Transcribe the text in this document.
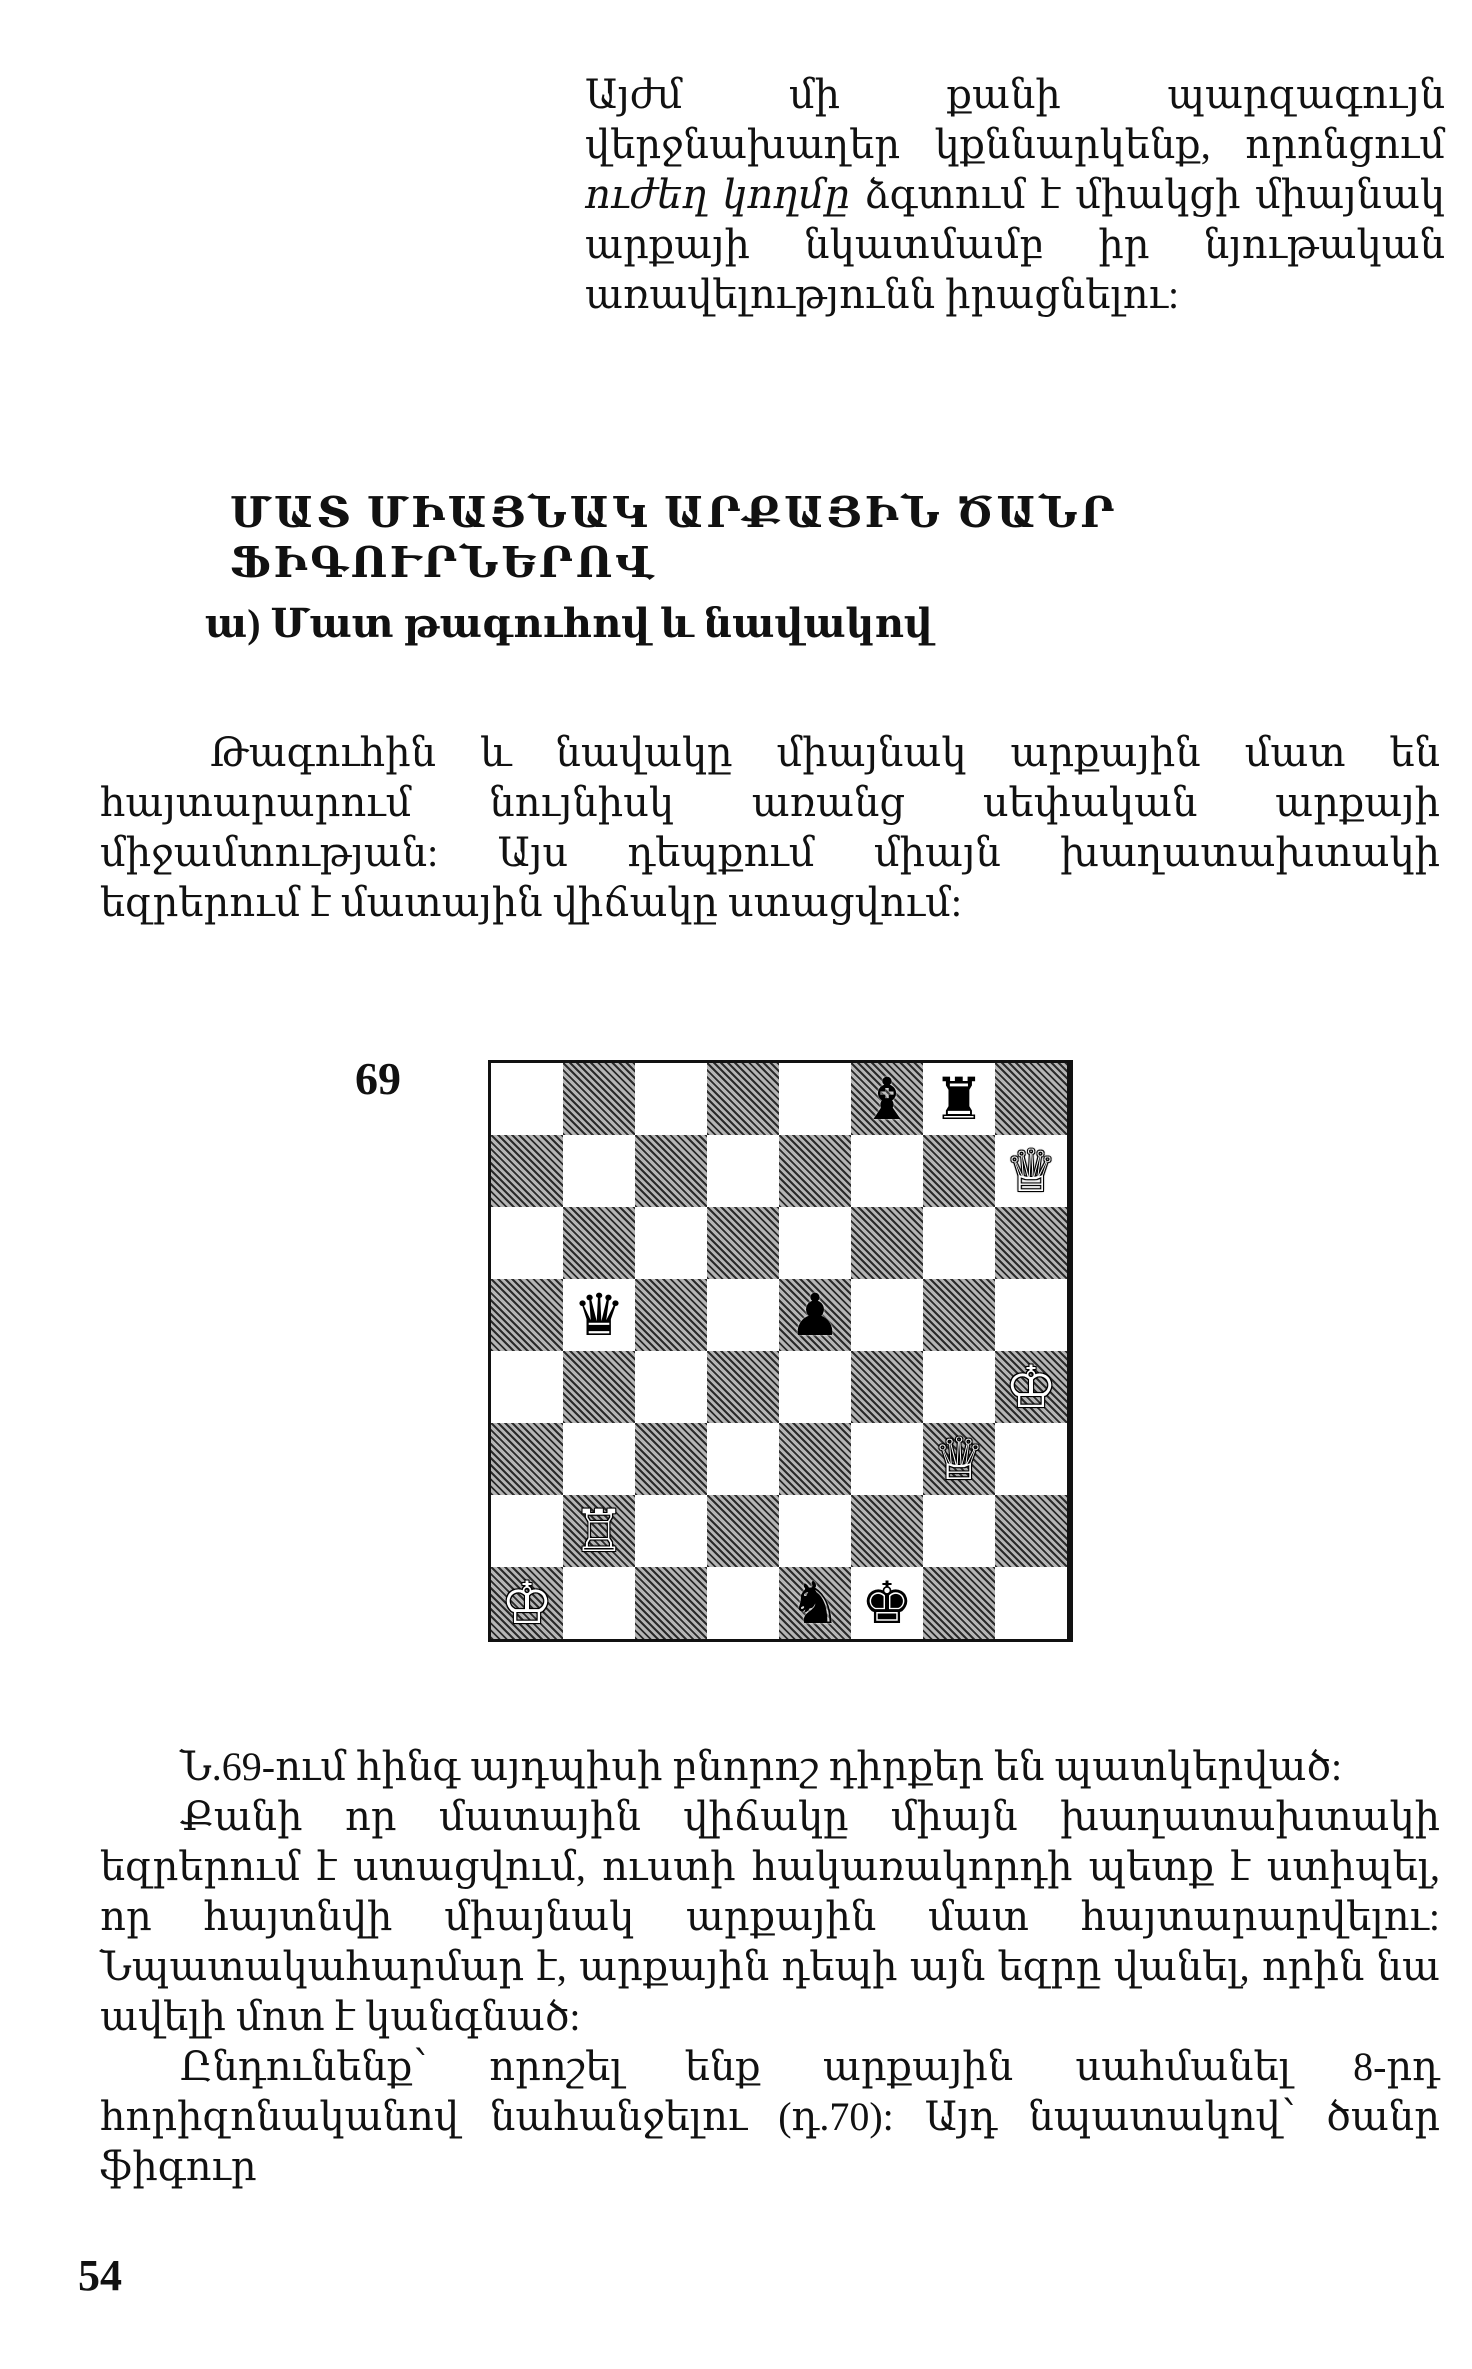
Այժմ մի քանի պարզագույն վերջնախաղեր կքննարկենք, որոնցում ուժեղ կողմը ձգտում է միակցի միայնակ արքայի նկատմամբ իր նյութական առավելությունն իրացնելու:
ՄԱՏ ՄԻԱՅՆԱԿ ԱՐՔԱՅԻՆ ԾԱՆՐ ՖԻԳՈՒՐՆԵՐՈՎ
ա) Մատ թագուհով և նավակով
Թագուհին և նավակը միայնակ արքային մատ են հայտարարում նույնիսկ առանց սեփական արքայի միջամտության: Այս դեպքում միայն խաղատախտակի եզրերում է մատային վիճակը ստացվում:
69	♝ ♜
♕
♛	♟
♔
♕
♖
♔	♞ ♚
Ն.69-ում հինգ այդպիսի բնորոշ դիրքեր են պատկերված:
Քանի որ մատային վիճակը միայն խաղատախտակի եզրերում է ստացվում, ուստի հակառակորդի պետք է ստիպել, որ հայտնվի միայնակ արքային մատ հայտարարվելու: Նպատակահարմար է, արքային դեպի այն եզրը վանել, որին նա ավելի մոտ է կանգնած:
Ընդունենք՝ որոշել ենք արքային սահմանել 8-րդ հորիզոնականով նահանջելու (դ.70): Այդ նպատակով՝ ծանր ֆիգուր
54
